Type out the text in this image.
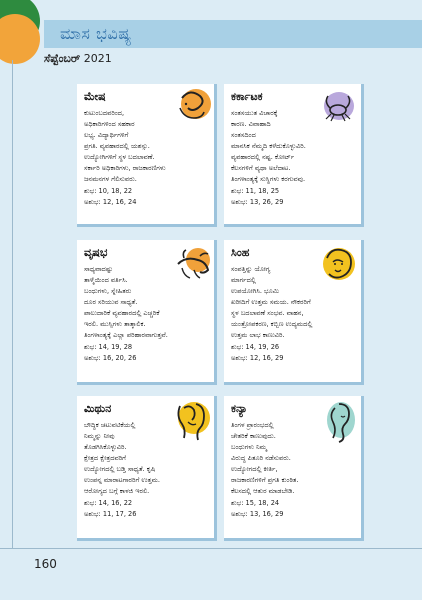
ಮಾಸ ಭವಿಷ್ಯ
ಸೆಪ್ಟೆಂಬರ್ 2021
ಮೇಷ
ಕುಟುಂಬದವರಿಂದ,
ಅಧಿಕಾರಿಗಳಿಂದ ಸಹಕಾರ
ಲಭ್ಯ. ವಿದ್ಯಾರ್ಥಿಗಳಿಗೆ
ಪ್ರಗತಿ. ವ್ಯವಹಾರದಲ್ಲಿ ಯಶಸ್ಸು.
ಉದ್ಯೋಗಿಗಳಿಗೆ ಸ್ಥಳ ಬದಲಾವಣೆ.
ಸರ್ಕಾರಿ ಅಧಿಕಾರಿಗಳು, ರಾಜಕಾರಣಿಗಳು
ಜನಮನಗಳ ಗೆಲಿಸುವರು.
ಶುಭ: 10, 18, 22
ಅಶುಭ: 12, 16, 24
ಕರ್ಕಾಟಕ
ಸಂತಸಯುತ ವಿಚಾರಕ್ಕೆ
ಕಾರಣ. ವಿವಾಹಾದಿ
ಸಂತಸದಿಂದ
ಮಾನಸಿಕ ನೆಮ್ಮದಿ ಕಳೆದುಕೊಳ್ಳುವಿರಿ.
ವ್ಯವಹಾರದಲ್ಲಿ ನಷ್ಟ. ಕೋರ್ಟ್
ಕೆಲಸಗಳಿಗೆ ವ್ಯಥಾ ಅಲೆದಾಟ.
ತಿಂಗಳಾಂತ್ಯಕ್ಕೆ ಸುಸ್ಥಿಗಳು ಕರಗುವವು.
ಶುಭ: 11, 18, 25
ಅಶುಭ: 13, 26, 29
ವೃಷಭ
ಸಾಧ್ಯವಾದಷ್ಟು
ತಾಳ್ಮೆಯಿಂದ ವರ್ತಿಸಿ.
ಬಂಧುಗಳು, ಸ್ನೇಹಿತರು
ದೂರ ಸರಿಯುವ ಸಾಧ್ಯತೆ.
ಪಾಲುದಾರಿಕೆ ವ್ಯವಹಾರದಲ್ಲಿ ಎಚ್ಚರಿಕೆ
ಇರಲಿ. ಮುಸ್ಸಿಗಳು ತಾತ್ಕಾಲಿಕ.
ತಿಂಗಳಾಂತ್ಯಕ್ಕೆ ಎಲ್ಲಾ ಪರಿಹಾರವಾಗುತ್ತವೆ.
ಶುಭ: 14, 19, 28
ಅಶುಭ: 16, 20, 26
ಸಿಂಹ
ಸಂಪತ್ತಿನ್ನು ಯೋಗ್ಯ
ಮಾರ್ಗದಲ್ಲಿ
ಉಪಯೋಗಿಸಿ. ಭೂಮಿ
ಖರೀದಿಗೆ ಉತ್ತಮ ಸಮಯ. ನೌಕರರಿಗೆ
ಸ್ಥಳ ಬದಲಾವಣೆ ಸಂಭವ. ವಾಹನ,
ಯಂತ್ರೋಪಕರಣ, ಕಬ್ಬಿಣ ಉದ್ಯಮದಲ್ಲಿ
ಉತ್ತಮ ಲಾಭ ಕಾಣುವಿರಿ.
ಶುಭ: 14, 19, 26
ಅಶುಭ: 12, 16, 29
ಮಿಥುನ
ಬೌದ್ಧಿಕ ಚಟುವಟಿಕೆಯಲ್ಲಿ
ನಿಮ್ಮನ್ನು ನೀವು
ತೊಡಗಿಸಿಕೊಳ್ಳುವಿರಿ.
ಕ್ಷೇತ್ರದ ಕ್ಷೇತ್ರದವರಿಗೆ
ಉದ್ಯೋಗದಲ್ಲಿ ಬಡ್ತಿ ಸಾಧ್ಯತೆ. ಕೃಷಿ
ಉಂಪನ್ನ ಮಾರಾಟಗಾರರಿಗೆ ಉತ್ತಮ.
ಆರೋಗ್ಯದ ಬಗ್ಗೆ ಕಾಳಜಿ ಇರಲಿ.
ಶುಭ: 14, 16, 22
ಅಶುಭ: 11, 17, 26
ಕನ್ಯಾ
ತಿಂಗಳ ಪ್ರಾರಂಭದಲ್ಲಿ
ಚೇತರಿಕೆ ಕಾಣುವುದು.
ಬಂಧುಗಳು ನಿಮ್ಮ
ವಿರುದ್ಧ ಪಿತೂರಿ ನಡೆಸುವರು.
ಉದ್ಯೋಗದಲ್ಲಿ ಕೀರ್ತಿ,
ರಾಜಕಾರಣಿಗಳಿಗೆ ಪ್ರಗತಿ ಕುಂಠಿತ.
ಕೆಲಸದಲ್ಲಿ ಆತುರ ಮಾಡಬೇಡಿ.
ಶುಭ: 15, 18, 24
ಅಶುಭ: 13, 16, 29
160
